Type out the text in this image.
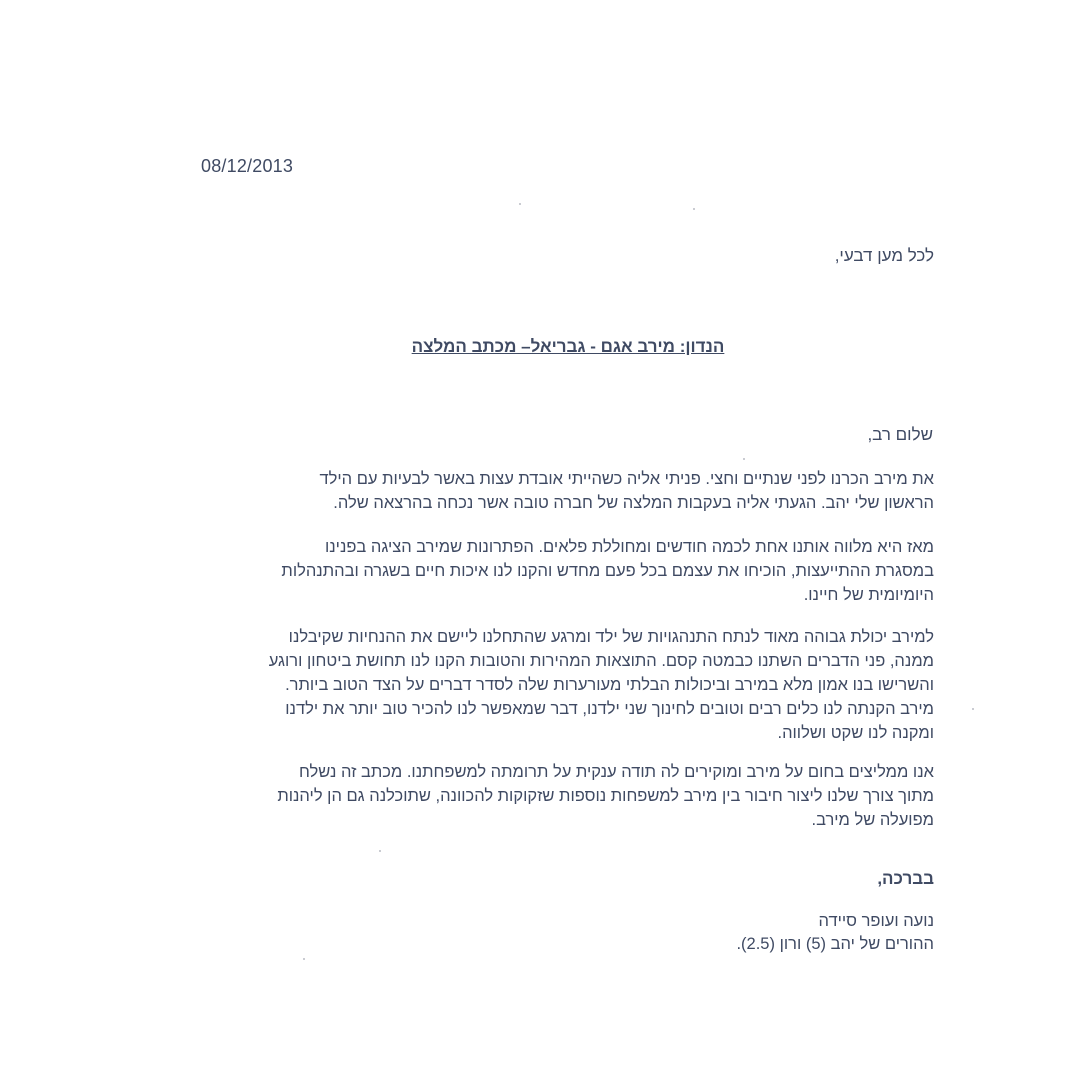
08/12/2013
לכל מען דבעי,
הנדון: מירב אגם - גבריאל– מכתב המלצה
שלום רב,
את מירב הכרנו לפני שנתיים וחצי. פניתי אליה כשהייתי אובדת עצות באשר לבעיות עם הילד
הראשון שלי יהב. הגעתי אליה בעקבות המלצה של חברה טובה אשר נכחה בהרצאה שלה.
מאז היא מלווה אותנו אחת לכמה חודשים ומחוללת פלאים. הפתרונות שמירב הציגה בפנינו
במסגרת ההתייעצות, הוכיחו את עצמם בכל פעם מחדש והקנו לנו איכות חיים בשגרה ובהתנהלות
היומיומית של חיינו.
למירב יכולת גבוהה מאוד לנתח התנהגויות של ילד ומרגע שהתחלנו ליישם את ההנחיות שקיבלנו
ממנה, פני הדברים השתנו כבמטה קסם. התוצאות המהירות והטובות הקנו לנו תחושת ביטחון ורוגע
והשרישו בנו אמון מלא במירב וביכולות הבלתי מעורערות שלה לסדר דברים על הצד הטוב ביותר.
מירב הקנתה לנו כלים רבים וטובים לחינוך שני ילדנו, דבר שמאפשר לנו להכיר טוב יותר את ילדנו
ומקנה לנו שקט ושלווה.
אנו ממליצים בחום על מירב ומוקירים לה תודה ענקית על תרומתה למשפחתנו. מכתב זה נשלח
מתוך צורך שלנו ליצור חיבור בין מירב למשפחות נוספות שזקוקות להכוונה, שתוכלנה גם הן ליהנות
מפועלה של מירב.
בברכה,
נועה ועופר סיידה
ההורים של יהב (5) ורון (2.5).
